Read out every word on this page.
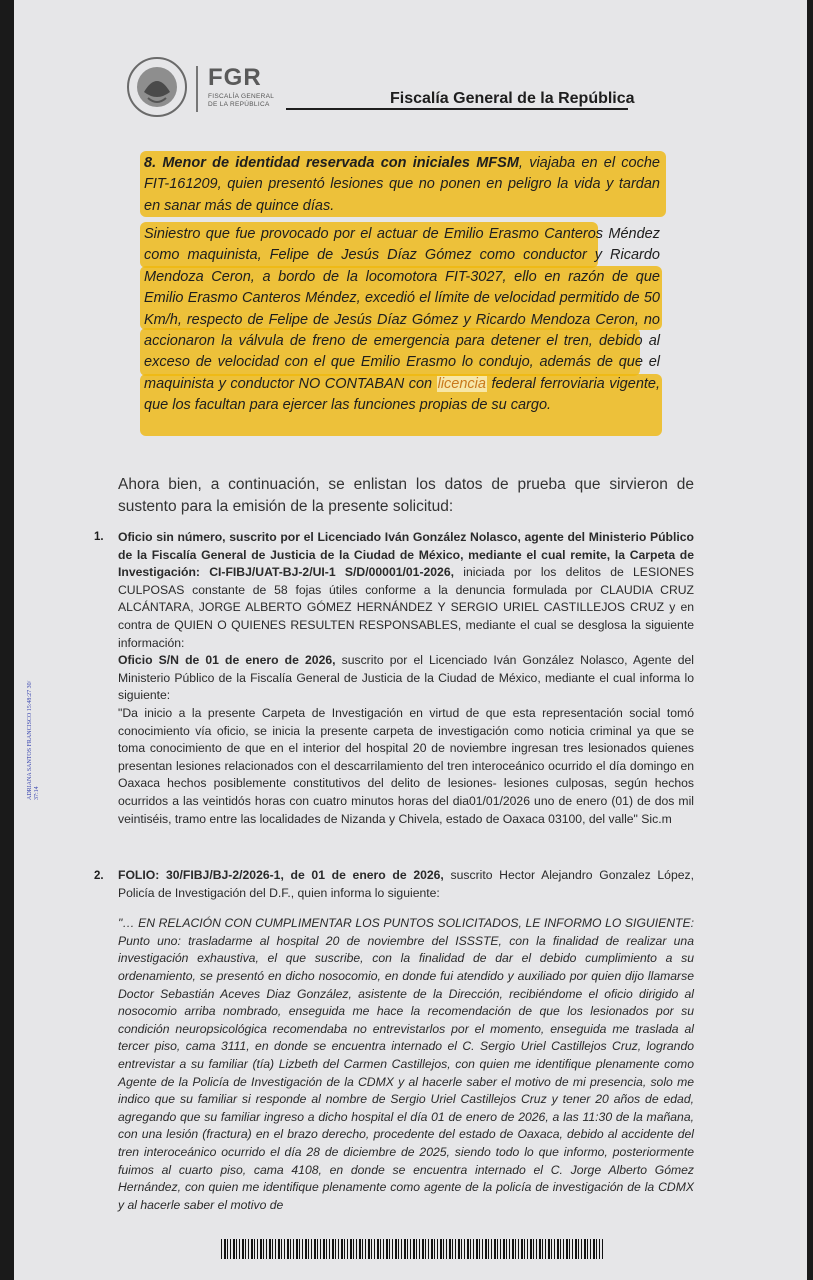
FGR
FISCALÍA GENERAL DE LA REPÚBLICA	Fiscalía General de la República
8. Menor de identidad reservada con iniciales MFSM, viajaba en el coche FIT-161209, quien presentó lesiones que no ponen en peligro la vida y tardan en sanar más de quince días.
Siniestro que fue provocado por el actuar de Emilio Erasmo Canteros Méndez como maquinista, Felipe de Jesús Díaz Gómez como conductor y Ricardo Mendoza Ceron, a bordo de la locomotora FIT-3027, ello en razón de que Emilio Erasmo Canteros Méndez, excedió el límite de velocidad permitido de 50 Km/h, respecto de Felipe de Jesús Díaz Gómez y Ricardo Mendoza Ceron, no accionaron la válvula de freno de emergencia para detener el tren, debido al exceso de velocidad con el que Emilio Erasmo lo condujo, además de que el maquinista y conductor NO CONTABAN con licencia federal ferroviaria vigente, que los facultan para ejercer las funciones propias de su cargo.
Ahora bien, a continuación, se enlistan los datos de prueba que sirvieron de sustento para la emisión de la presente solicitud:
1. Oficio sin número, suscrito por el Licenciado Iván González Nolasco, agente del Ministerio Público de la Fiscalía General de Justicia de la Ciudad de México, mediante el cual remite, la Carpeta de Investigación: CI-FIBJ/UAT-BJ-2/UI-1 S/D/00001/01-2026, iniciada por los delitos de LESIONES CULPOSAS constante de 58 fojas útiles conforme a la denuncia formulada por CLAUDIA CRUZ ALCÁNTARA, JORGE ALBERTO GÓMEZ HERNÁNDEZ Y SERGIO URIEL CASTILLEJOS CRUZ y en contra de QUIEN O QUIENES RESULTEN RESPONSABLES, mediante el cual se desglosa la siguiente información:
Oficio S/N de 01 de enero de 2026, suscrito por el Licenciado Iván González Nolasco, Agente del Ministerio Público de la Fiscalía General de Justicia de la Ciudad de México, mediante el cual informa lo siguiente:
"Da inicio a la presente Carpeta de Investigación en virtud de que esta representación social tomó conocimiento vía oficio, se inicia la presente carpeta de investigación como noticia criminal ya que se toma conocimiento de que en el interior del hospital 20 de noviembre ingresan tres lesionados quienes presentan lesiones relacionados con el descarrilamiento del tren interoceánico ocurrido el día domingo en Oaxaca hechos posiblemente constitutivos del delito de lesiones- lesiones culposas, según hechos ocurridos a las veintidós horas con cuatro minutos horas del dia01/01/2026 uno de enero (01) de dos mil veintiséis, tramo entre las localidades de Nizanda y Chivela, estado de Oaxaca 03100, del valle" Sic.m
2. FOLIO: 30/FIBJ/BJ-2/2026-1, de 01 de enero de 2026, suscrito Hector Alejandro Gonzalez López, Policía de Investigación del D.F., quien informa lo siguiente:
"… EN RELACIÓN CON CUMPLIMENTAR LOS PUNTOS SOLICITADOS, LE INFORMO LO SIGUIENTE: Punto uno: trasladarme al hospital 20 de noviembre del ISSSTE, con la finalidad de realizar una investigación exhaustiva, el que suscribe, con la finalidad de dar el debido cumplimiento a su ordenamiento, se presentó en dicho nosocomio, en donde fui atendido y auxiliado por quien dijo llamarse Doctor Sebastián Aceves Diaz González, asistente de la Dirección, recibiéndome el oficio dirigido al nosocomio arriba nombrado, enseguida me hace la recomendación de que los lesionados por su condición neuropsicológica recomendaba no entrevistarlos por el momento, enseguida me traslada al tercer piso, cama 3111, en donde se encuentra internado el C. Sergio Uriel Castillejos Cruz, logrando entrevistar a su familiar (tía) Lizbeth del Carmen Castillejos, con quien me identifique plenamente como Agente de la Policía de Investigación de la CDMX y al hacerle saber el motivo de mi presencia, solo me indico que su familiar si responde al nombre de Sergio Uriel Castillejos Cruz y tener 20 años de edad, agregando que su familiar ingreso a dicho hospital el día 01 de enero de 2026, a las 11:30 de la mañana, con una lesión (fractura) en el brazo derecho, procedente del estado de Oaxaca, debido al accidente del tren interoceánico ocurrido el día 28 de diciembre de 2025, siendo todo lo que informo, posteriormente fuimos al cuarto piso, cama 4108, en donde se encuentra internado el C. Jorge Alberto Gómez Hernández, con quien me identifique plenamente como agente de la policía de investigación de la CDMX y al hacerle saber el motivo de
ADRIANA SANTOS FRANCISCO 15:48:27 30/ 37:14
